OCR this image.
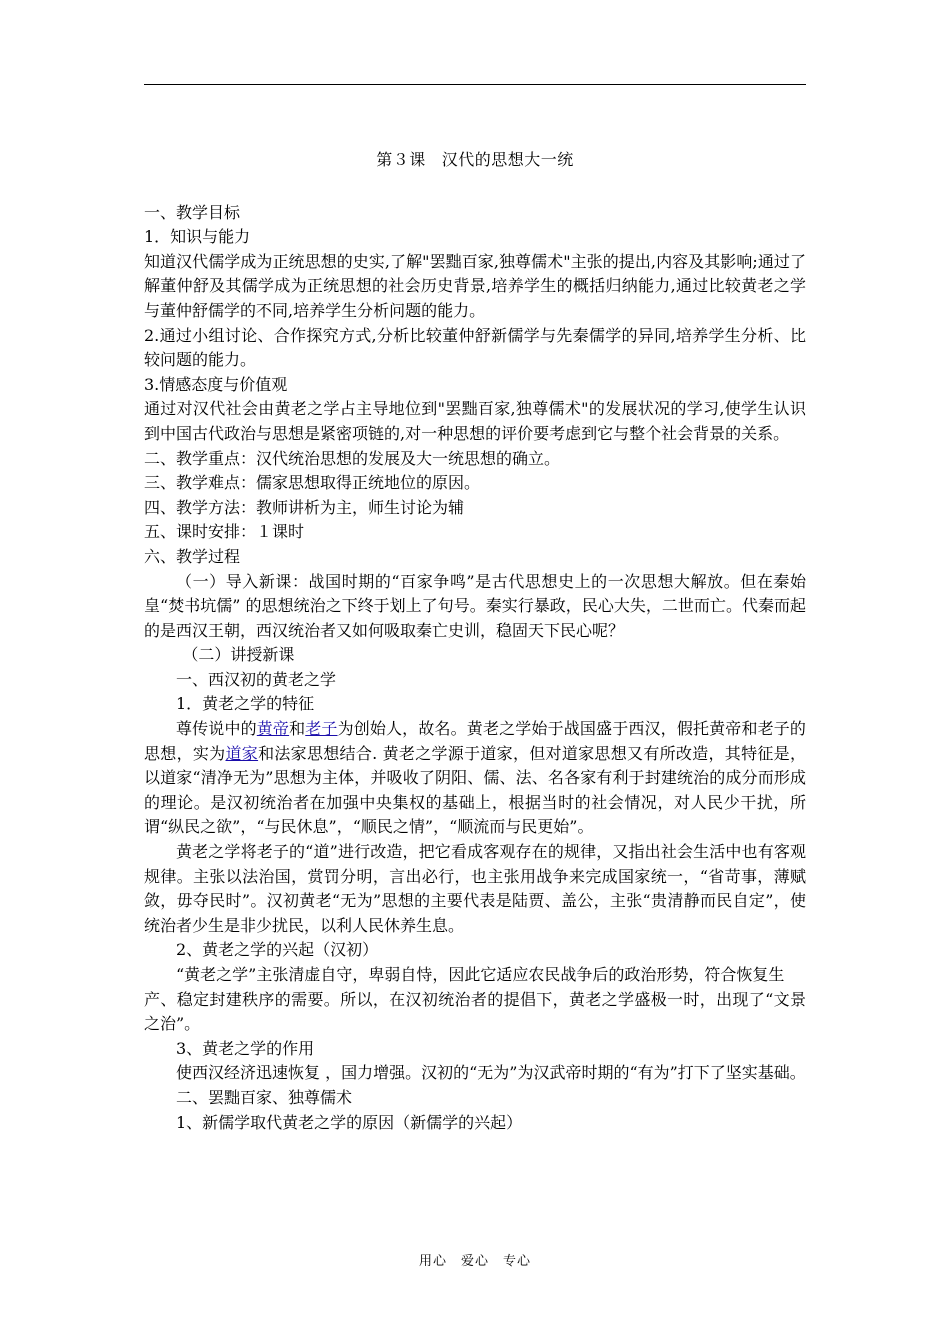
第３课 汉代的思想大一统

一、教学目标

1．知识与能力

知道汉代儒学成为正统思想的史实,了解"罢黜百家,独尊儒术"主张的提出,内容及其影响;通过了解董仲舒及其儒学成为正统思想的社会历史背景,培养学生的概括归纳能力,通过比较黄老之学与董仲舒儒学的不同,培养学生分析问题的能力。

2.通过小组讨论、合作探究方式,分析比较董仲舒新儒学与先秦儒学的异同,培养学生分析、比较问题的能力。

3.情感态度与价值观

通过对汉代社会由黄老之学占主导地位到"罢黜百家,独尊儒术"的发展状况的学习,使学生认识到中国古代政治与思想是紧密项链的,对一种思想的评价要考虑到它与整个社会背景的关系。

二、教学重点：汉代统治思想的发展及大一统思想的确立。

三、教学难点：儒家思想取得正统地位的原因。

四、教学方法：教师讲析为主，师生讨论为辅

五、课时安排：１课时

六、教学过程

（一）导入新课：战国时期的“百家争鸣”是古代思想史上的一次思想大解放。但在秦始皇“焚书坑儒” 的思想统治之下终于划上了句号。秦实行暴政，民心大失，二世而亡。代秦而起的是西汉王朝，西汉统治者又如何吸取秦亡史训，稳固天下民心呢？

（二）讲授新课

一、西汉初的黄老之学

1．黄老之学的特征

尊传说中的黄帝和老子为创始人，故名。黄老之学始于战国盛于西汉，假托黄帝和老子的思想，实为道家和法家思想结合. 黄老之学源于道家，但对道家思想又有所改造，其特征是，以道家“清净无为”思想为主体，并吸收了阴阳、儒、法、名各家有利于封建统治的成分而形成的理论。是汉初统治者在加强中央集权的基础上，根据当时的社会情况，对人民少干扰，所谓“纵民之欲”，“与民休息”，“顺民之情”，“顺流而与民更始”。

黄老之学将老子的“道”进行改造，把它看成客观存在的规律，又指出社会生活中也有客观规律。主张以法治国，赏罚分明，言出必行，也主张用战争来完成国家统一，“省苛事，薄赋敛，毋夺民时”。汉初黄老“无为”思想的主要代表是陆贾、盖公，主张“贵清静而民自定”，使统治者少生是非少扰民，以利人民休养生息。

2、黄老之学的兴起（汉初）

“黄老之学”主张清虚自守，卑弱自恃，因此它适应农民战争后的政治形势，符合恢复生

产、稳定封建秩序的需要。所以，在汉初统治者的提倡下，黄老之学盛极一时，出现了“文景之治”。

3、黄老之学的作用

使西汉经济迅速恢复 ，国力增强。汉初的“无为”为汉武帝时期的“有为”打下了坚实基础。

二、罢黜百家、独尊儒术

1、新儒学取代黄老之学的原因（新儒学的兴起）

用心　爱心　专心
